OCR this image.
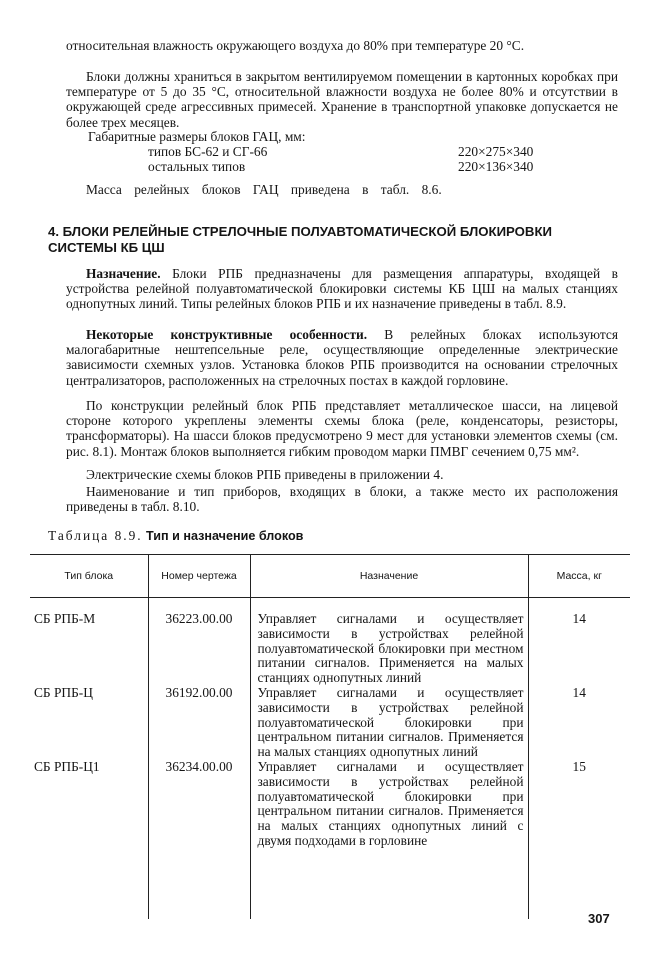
относительная влажность окружающего воздуха до 80% при температуре 20 °С.

Блоки должны храниться в закрытом вентилируемом помещении в картонных коробках при температуре от 5 до 35 °С, относительной влажности воздуха не более 80% и отсутствии в окружающей среде агрессивных примесей. Хранение в транспортной упаковке допускается не более трех месяцев.

Габаритные размеры блоков ГАЦ, мм:
типов БС-62 и СГ-66	220×275×340
остальных типов	220×136×340
Масса релейных блоков ГАЦ приведена в табл. 8.6.
4. БЛОКИ РЕЛЕЙНЫЕ СТРЕЛОЧНЫЕ ПОЛУАВТОМАТИЧЕСКОЙ БЛОКИРОВКИ СИСТЕМЫ КБ ЦШ

Назначение. Блоки РПБ предназначены для размещения аппаратуры, входящей в устройства релейной полуавтоматической блокировки системы КБ ЦШ на малых станциях однопутных линий. Типы релейных блоков РПБ и их назначение приведены в табл. 8.9.

Некоторые конструктивные особенности. В релейных блоках используются малогабаритные нештепсельные реле, осуществляющие определенные электрические зависимости схемных узлов. Установка блоков РПБ производится на основании стрелочных централизаторов, расположенных на стрелочных постах в каждой горловине.

По конструкции релейный блок РПБ представляет металлическое шасси, на лицевой стороне которого укреплены элементы схемы блока (реле, конденсаторы, резисторы, трансформаторы). На шасси блоков предусмотрено 9 мест для установки элементов схемы (см. рис. 8.1). Монтаж блоков выполняется гибким проводом марки ПМВГ сечением 0,75 мм².

Электрические схемы блоков РПБ приведены в приложении 4.

Наименование и тип приборов, входящих в блоки, а также место их расположения приведены в табл. 8.10.

Таблица 8.9. Тип и назначение блоков
Тип блока	Номер чертежа	Назначение	Масса, кг
СБ РПБ-М	36223.00.00	Управляет сигналами и осуществляет зависимости в устройствах релейной полуавтоматической блокировки при местном питании сигналов. Применяется на малых станциях однопутных линий	14
СБ РПБ-Ц	36192.00.00	Управляет сигналами и осуществляет зависимости в устройствах релейной полуавтоматической блокировки при центральном питании сигналов. Применяется на малых станциях однопутных линий	14
СБ РПБ-Ц1	36234.00.00	Управляет сигналами и осуществляет зависимости в устройствах релейной полуавтоматической блокировки при центральном питании сигналов. Применяется на малых станциях однопутных линий с двумя подходами в горловине	15
307
